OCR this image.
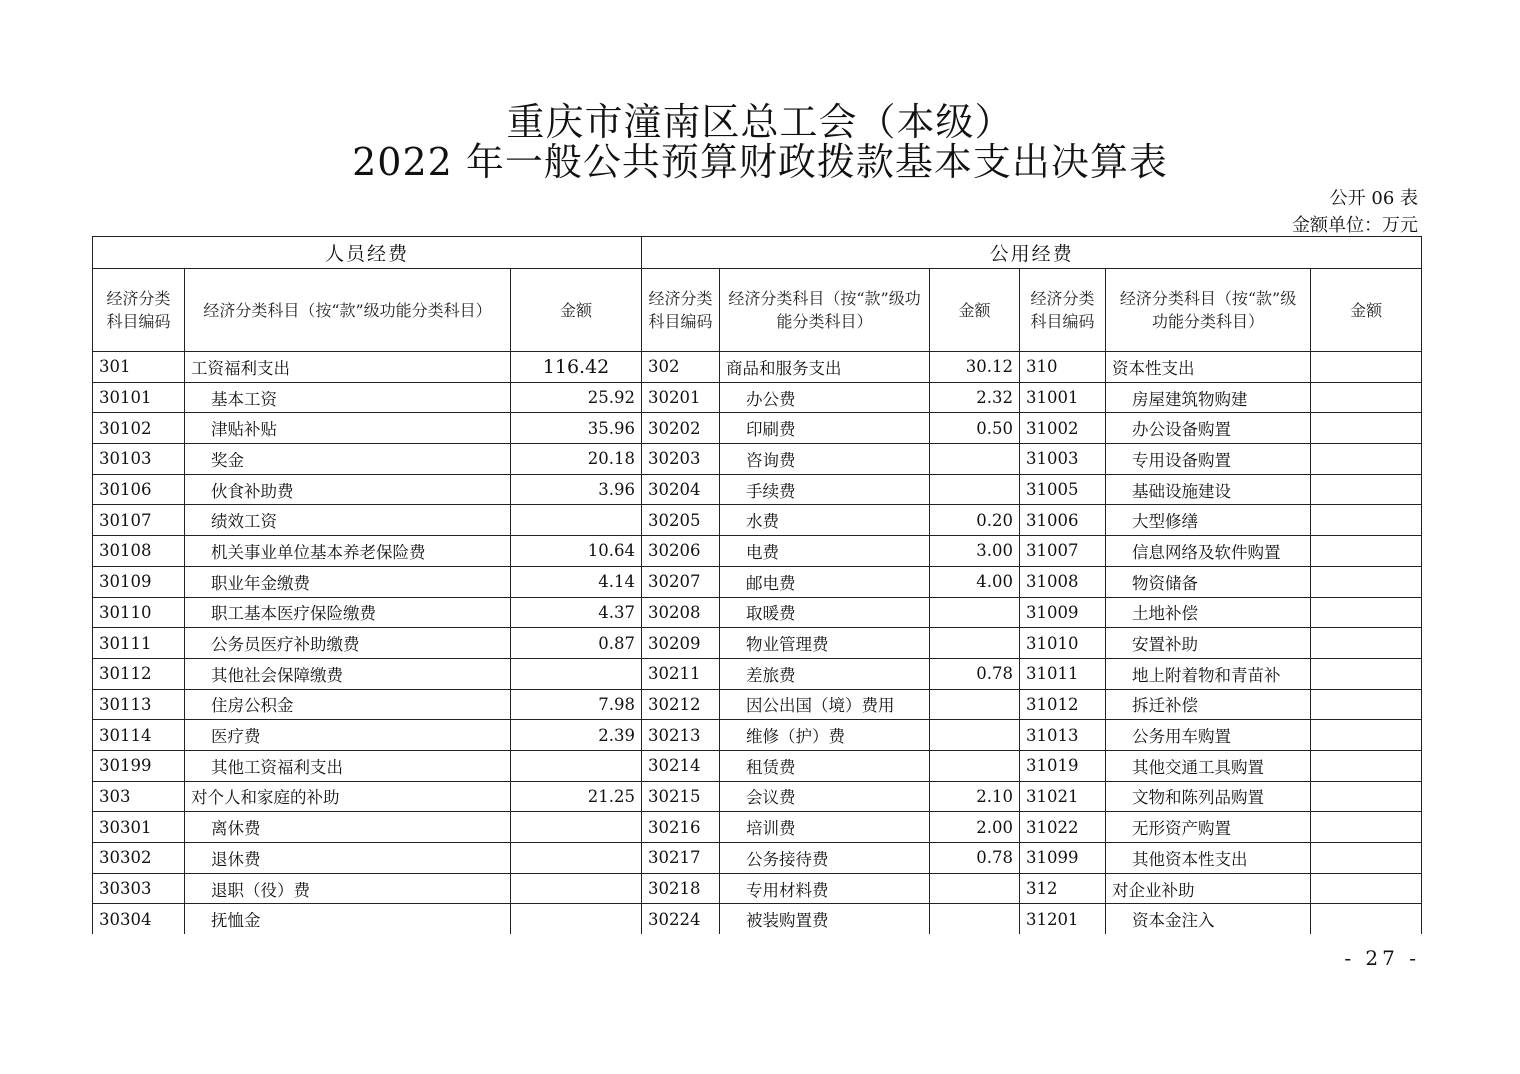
重庆市潼南区总工会（本级）
2022 年一般公共预算财政拨款基本支出决算表
公开 06 表
金额单位：万元
人员经费			公用经费					
经济分类科目编码	经济分类科目（按“款”级功能分类科目）	金额	经济分类科目编码	经济分类科目（按“款”级功能分类科目）	金额	经济分类科目编码	经济分类科目（按“款”级功能分类科目）	金额
301	工资福利支出	116.42	302	商品和服务支出	30.12	310	资本性支出	
30101	基本工资	25.92	30201	办公费	2.32	31001	房屋建筑物购建	
30102	津贴补贴	35.96	30202	印刷费	0.50	31002	办公设备购置	
30103	奖金	20.18	30203	咨询费		31003	专用设备购置	
30106	伙食补助费	3.96	30204	手续费		31005	基础设施建设	
30107	绩效工资		30205	水费	0.20	31006	大型修缮	
30108	机关事业单位基本养老保险费	10.64	30206	电费	3.00	31007	信息网络及软件购置	
30109	职业年金缴费	4.14	30207	邮电费	4.00	31008	物资储备	
30110	职工基本医疗保险缴费	4.37	30208	取暖费		31009	土地补偿	
30111	公务员医疗补助缴费	0.87	30209	物业管理费		31010	安置补助	
30112	其他社会保障缴费		30211	差旅费	0.78	31011	地上附着物和青苗补	
30113	住房公积金	7.98	30212	因公出国（境）费用		31012	拆迁补偿	
30114	医疗费	2.39	30213	维修（护）费		31013	公务用车购置	
30199	其他工资福利支出		30214	租赁费		31019	其他交通工具购置	
303	对个人和家庭的补助	21.25	30215	会议费	2.10	31021	文物和陈列品购置	
30301	离休费		30216	培训费	2.00	31022	无形资产购置	
30302	退休费		30217	公务接待费	0.78	31099	其他资本性支出	
30303	退职（役）费		30218	专用材料费		312	对企业补助	
30304	抚恤金		30224	被装购置费		31201	资本金注入	
- 27 -
